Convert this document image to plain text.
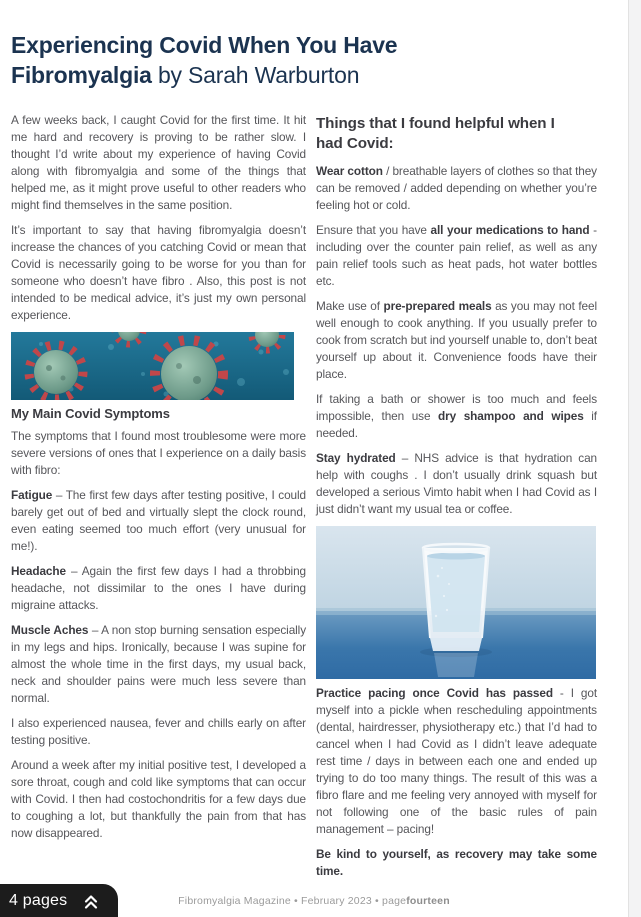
Experiencing Covid When You Have Fibromyalgia by Sarah Warburton

A few weeks back, I caught Covid for the first time. It hit me hard and recovery is proving to be rather slow. I thought I’d write about my experience of having Covid along with fibromyalgia and some of the things that helped me, as it might prove useful to other readers who might find themselves in the same position.

It’s important to say that having fibromyalgia doesn’t increase the chances of you catching Covid or mean that Covid is necessarily going to be worse for you than for someone who doesn’t have fibro . Also, this post is not intended to be medical advice, it’s just my own personal experience.

My Main Covid Symptoms

The symptoms that I found most troublesome were more severe versions of ones that I experience on a daily basis with fibro:

Fatigue – The first few days after testing positive, I could barely get out of bed and virtually slept the clock round, even eating seemed too much effort (very unusual for me!).

Headache – Again the first few days I had a throbbing headache, not dissimilar to the ones I have during migraine attacks.

Muscle Aches – A non stop burning sensation especially in my legs and hips. Ironically, because I was supine for almost the whole time in the first days, my usual back, neck and shoulder pains were much less severe than normal.

I also experienced nausea, fever and chills early on after testing positive.

Around a week after my initial positive test, I developed a sore throat, cough and cold like symptoms that can occur with Covid. I then had costochondritis for a few days due to coughing a lot, but thankfully the pain from that has now disappeared.

Things that I found helpful when I had Covid:

Wear cotton / breathable layers of clothes so that they can be removed / added depending on whether you’re feeling hot or cold.

Ensure that you have all your medications to hand - including over the counter pain relief, as well as any pain relief tools such as heat pads, hot water bottles etc.

Make use of pre-prepared meals as you may not feel well enough to cook anything. If you usually prefer to cook from scratch but ind yourself unable to, don’t beat yourself up about it. Convenience foods have their place.

If taking a bath or shower is too much and feels impossible, then use dry shampoo and wipes if needed.

Stay hydrated – NHS advice is that hydration can help with coughs . I don’t usually drink squash but developed a serious Vimto habit when I had Covid as I just didn’t want my usual tea or coffee.

Practice pacing once Covid has passed - I got myself into a pickle when rescheduling appointments (dental, hairdresser, physiotherapy etc.) that I’d had to cancel when I had Covid as I didn’t leave adequate rest time / days in between each one and ended up trying to do too many things. The result of this was a fibro flare and me feeling very annoyed with myself for not following one of the basic rules of pain management – pacing!

Be kind to yourself, as recovery may take some time.

Fibromyalgia Magazine • February 2023 • pagefourteen
4 pages
